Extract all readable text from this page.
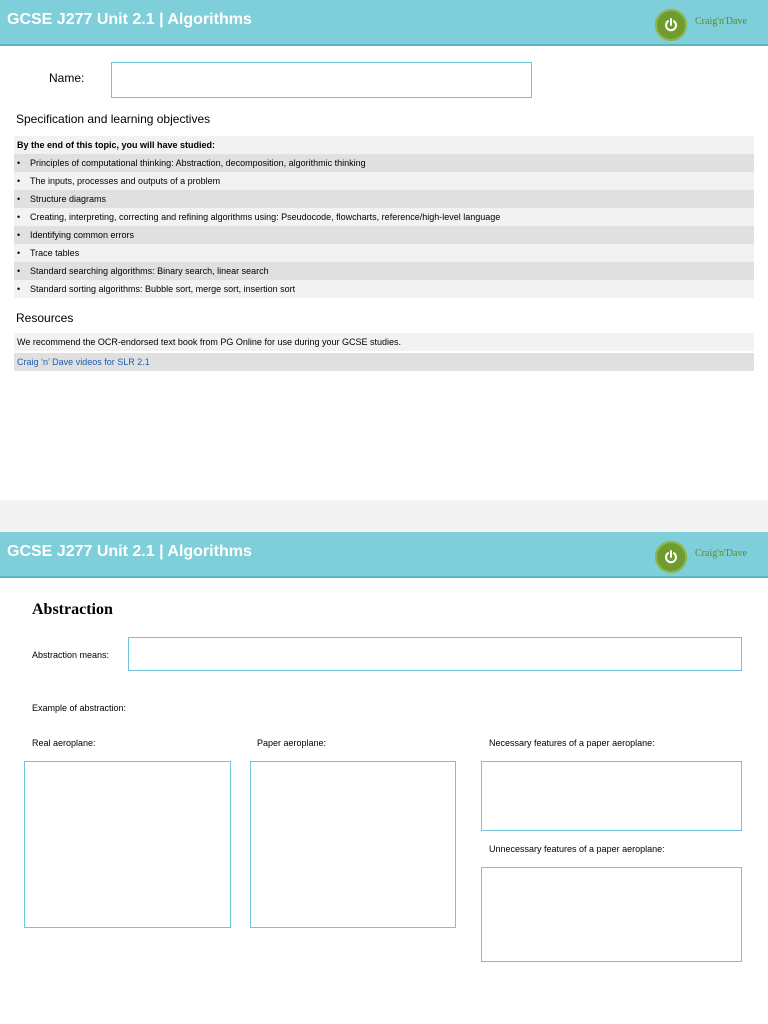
GCSE J277 Unit 2.1 | Algorithms	Craig'n'Dave
Name:
Specification and learning objectives
By the end of this topic, you will have studied:
• Principles of computational thinking: Abstraction, decomposition, algorithmic thinking
• The inputs, processes and outputs of a problem
• Structure diagrams
• Creating, interpreting, correcting and refining algorithms using: Pseudocode, flowcharts, reference/high-level language
• Identifying common errors
• Trace tables
• Standard searching algorithms: Binary search, linear search
• Standard sorting algorithms: Bubble sort, merge sort, insertion sort
Resources
We recommend the OCR-endorsed text book from PG Online for use during your GCSE studies.
Craig ‘n’ Dave videos for SLR 2.1
GCSE J277 Unit 2.1 | Algorithms	Craig'n'Dave
Abstraction
Abstraction means:
Example of abstraction:
Real aeroplane:	Paper aeroplane:	Necessary features of a paper aeroplane:
Unnecessary features of a paper aeroplane:
